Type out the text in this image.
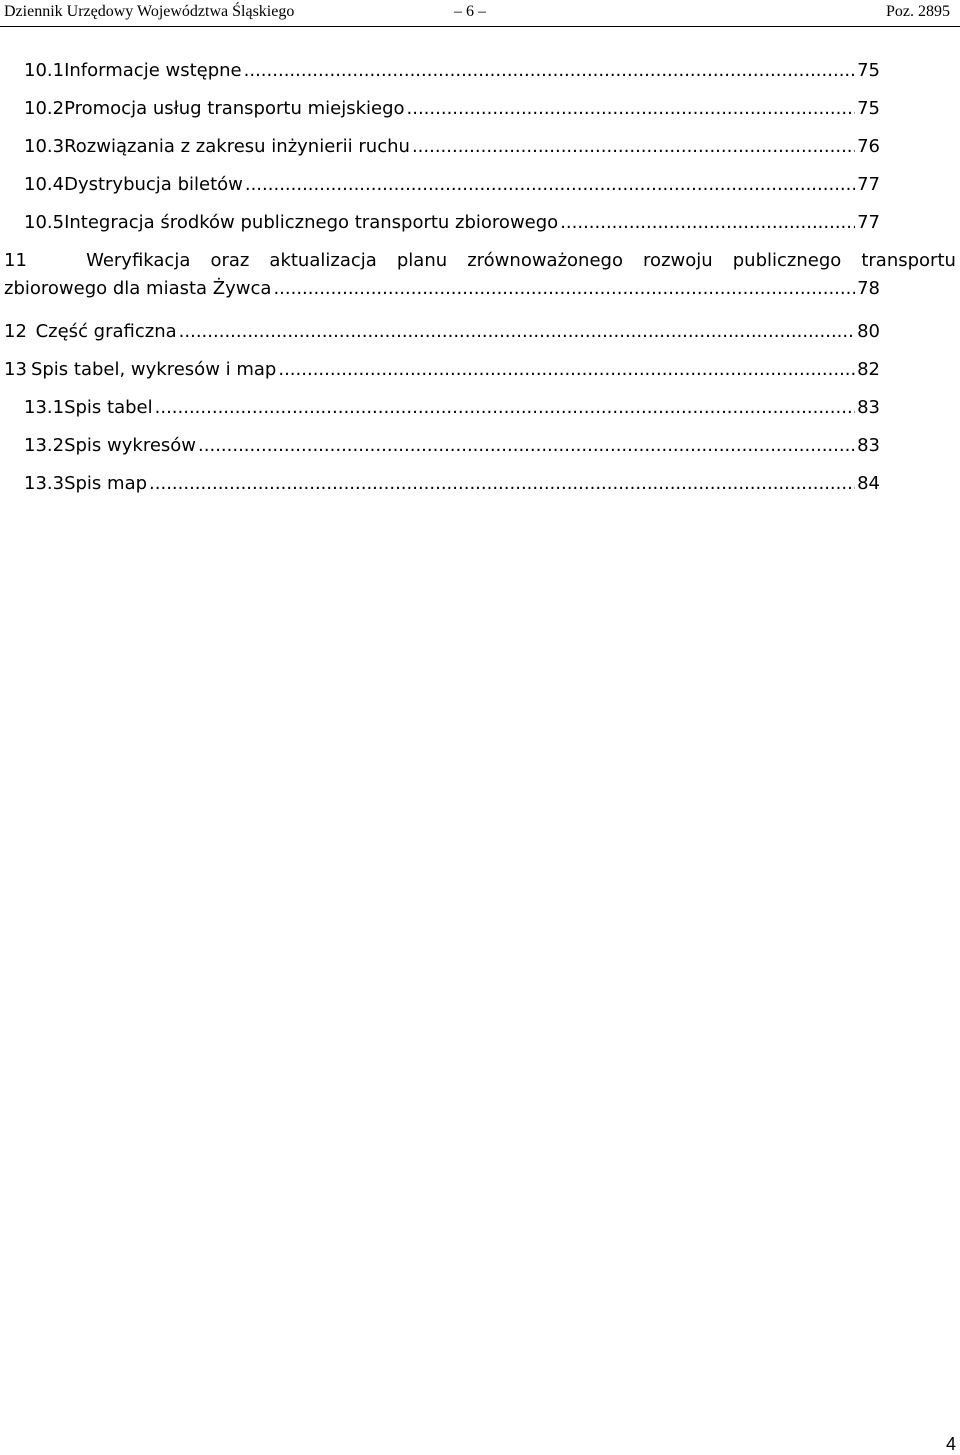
Dziennik Urzędowy Województwa Śląskiego	– 6 –	Poz. 2895
10.1 Informacje wstępne .....	75
10.2 Promocja usług transportu miejskiego .....	75
10.3 Rozwiązania z zakresu inżynierii ruchu .....	76
10.4 Dystrybucja biletów .....	77
10.5 Integracja środków publicznego transportu zbiorowego .....	77
11	Weryfikacja oraz aktualizacja planu zrównoważonego rozwoju publicznego transportu
zbiorowego dla miasta Żywca .....	78
12 Część graficzna .....	80
13 Spis tabel, wykresów i map .....	82
13.1 Spis tabel .....	83
13.2 Spis wykresów .....	83
13.3 Spis map .....	84
4
